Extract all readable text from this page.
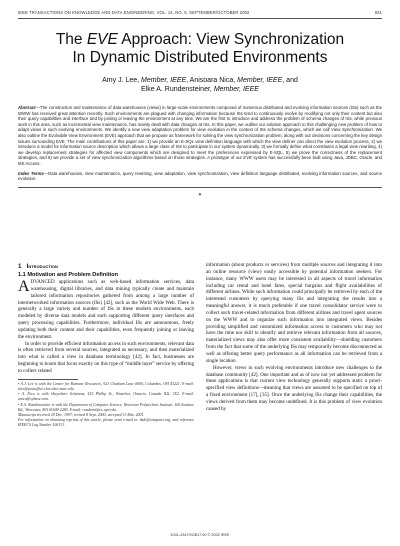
IEEE TRANSACTIONS ON KNOWLEDGE AND DATA ENGINEERING, VOL. 14, NO. 5, SEPTEMBER/OCTOBER 2002	931
The EVE Approach: View Synchronization
In Dynamic Distributed Environments
Amy J. Lee, Member, IEEE, Anisoara Nica, Member, IEEE, and
Elke A. Rundensteiner, Member, IEEE
Abstract—The construction and maintenance of data warehouses (views) in large-scale environments composed of numerous distributed and evolving information sources (ISs) such as the WWW has received great attention recently. Such environments are plagued with changing information because ISs tend to continuously evolve by modifying not only their content but also their query capabilities and interface and by joining or leaving the environment at any time. We are the first to introduce and address the problem of schema changes of ISs, while previous work in this area, such as incremental view maintenance, has mainly dealt with data changes at ISs. In this paper, we outline our solution approach to this challenging new problem of how to adapt views in such evolving environments. We identify a new view adaptation problem for view evolution in the context of ISs schema changes, which we call View Synchronization. We also outline the Evolvable View Environment (EVE) approach that we propose as framework for solving the view synchronization problem, along with our decisions concerning the key design issues surrounding EVE. The main contributions of this paper are: 1) we provide an E-SQL view definition language with which the view definer can direct the view evolution process, 2) we introduce a model for information source description which allows a large class of ISs to participate in our system dynamically, 3) we formally define what constitutes a legal view rewriting, 4) we develop replacement strategies for affected view components which are designed to meet the preferences expressed by E-SQL, 5) we prove the correctness of the replacement strategies, and 6) we provide a set of view synchronization algorithms based on those strategies. A prototype of our EVE system has successfully been built using Java, JDBC, Oracle, and MS Access.
Index Terms—Data warehouses, view maintenance, query rewriting, view adaptation, view synchronization, view definition language distributed, evolving information sources, and source evolution.
✦
1 Introduction
1.1 Motivation and Problem Definition

ADVANCED applications such as web-based information services, data warehousing, digital libraries, and data mining typically create and maintain tailored information repositories gathered from among a large number of internetworked information sources (ISs) [42], such as the World Wide Web. There is generally a large variety and number of ISs in these modern environments, each modeled by diverse data models and each supporting different query interfaces and query processing capabilities. Furthermore, individual ISs are autonomous, freely updating both their content and their capabilities, even frequently joining or leaving the environment.

In order to provide efficient information access in such environments, relevant data is often retrieved from several sources, integrated as necessary, and then materialized into what is called a view in database terminology [42]. In fact, businesses are beginning to boom that focus exactly on this type of “middle layer” service by offering to collect related

• A.J. Lee is with the Center for Humane Resources, 921 Chatham Lane #000, Columbus, OH 43221. E-mail: alee@postoffice.chri.ohio-state.edu.
• A. Nica is with iAnywhere Solutions, 415 Phillip St., Waterloo, Ontario, Canada N2L 3X2. E-mail: anica@sybase.com.
• E.A. Rundensteiner is with the Department of Computer Science, Worcester Polytechnic Institute, 100 Institute Rd., Worcester, MA 01609-2280. E-mail: rundenst@cs.wpi.edu.
Manuscript received 29 Dec. 1997; revised 8 Sept. 2000; accepted 13 Mar. 2001.
For information on obtaining reprints of this article, please send e-mail to: tkde@computer.org, and reference IEEECS Log Number 106131.

information (about products or services) from multiple sources and integrating it into an online resource (view) easily accessible by potential information seekers. For instance, many WWW users may be interested in all aspects of travel information including car rental and hotel fares, special bargains and flight availabilities of different airlines. While such information could principally be retrieved by each of the interested customers by querying many ISs and integrating the results into a meaningful answer, it is much preferable if one travel consolidator service were to collect such travel-related information from different airlines and travel agent sources on the WWW and to organize such information into integrated views. Besides providing simplified and customized information access to customers who may not have the time nor skill to identify and retrieve relevant information from all sources, materialized views may also offer more consistent availability—shielding customers from the fact that some of the underlying ISs may temporarily become disconnected as well as offering better query performance as all information can be retrieved from a single location.

However, views in such evolving environments introduce new challenges to the database community [42]. One important and as of now not yet addressed problem for these applications is that current view technology generally supports static a priori-specified view definitions—meaning that views are assumed to be specified on top of a fixed environment [17], [35]. Once the underlying ISs change their capabilities, the views derived from them may become undefined. It is this problem of view evolution caused by

1041-4347/02/$17.00 © 2002 IEEE
